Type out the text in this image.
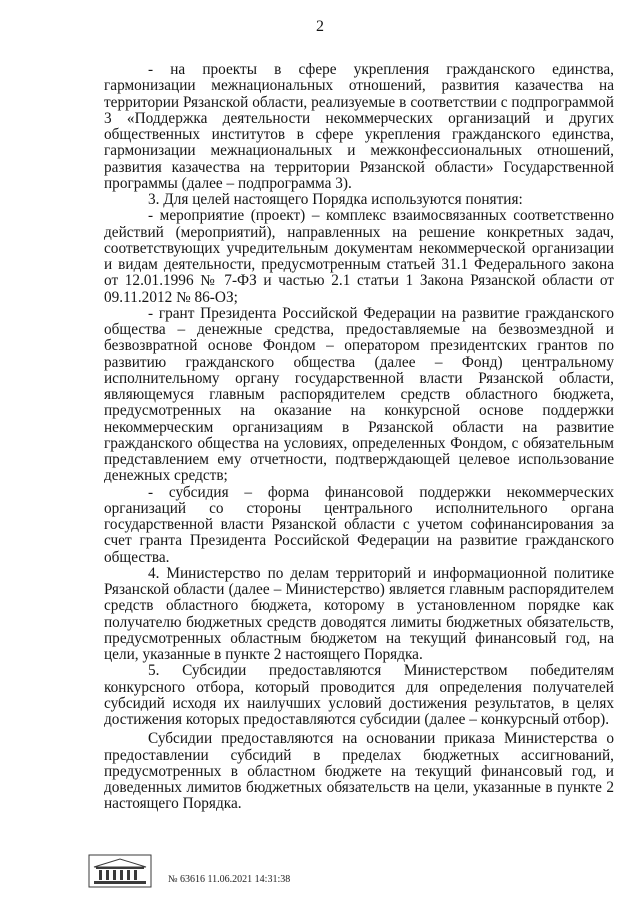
2

- на проекты в сфере укрепления гражданского единства, гармонизации межнациональных отношений, развития казачества на территории Рязанской области, реализуемые в соответствии с подпрограммой 3 «Поддержка деятельности некоммерческих организаций и других общественных институтов в сфере укрепления гражданского единства, гармонизации межнациональных и межконфессиональных отношений, развития казачества на территории Рязанской области» Государственной программы (далее – подпрограмма 3).

3. Для целей настоящего Порядка используются понятия:

- мероприятие (проект) – комплекс взаимосвязанных соответственно действий (мероприятий), направленных на решение конкретных задач, соответствующих учредительным документам некоммерческой организации и видам деятельности, предусмотренным статьей 31.1 Федерального закона от 12.01.1996 № 7-ФЗ и частью 2.1 статьи 1 Закона Рязанской области от 09.11.2012 № 86-ОЗ;

- грант Президента Российской Федерации на развитие гражданского общества – денежные средства, предоставляемые на безвозмездной и безвозвратной основе Фондом – оператором президентских грантов по развитию гражданского общества (далее – Фонд) центральному исполнительному органу государственной власти Рязанской области, являющемуся главным распорядителем средств областного бюджета, предусмотренных на оказание на конкурсной основе поддержки некоммерческим организациям в Рязанской области на развитие гражданского общества на условиях, определенных Фондом, с обязательным представлением ему отчетности, подтверждающей целевое использование денежных средств;

- субсидия – форма финансовой поддержки некоммерческих организаций со стороны центрального исполнительного органа государственной власти Рязанской области с учетом софинансирования за счет гранта Президента Российской Федерации на развитие гражданского общества.

4. Министерство по делам территорий и информационной политике Рязанской области (далее – Министерство) является главным распорядителем средств областного бюджета, которому в установленном порядке как получателю бюджетных средств доводятся лимиты бюджетных обязательств, предусмотренных областным бюджетом на текущий финансовый год, на цели, указанные в пункте 2 настоящего Порядка.

5. Субсидии предоставляются Министерством победителям конкурсного отбора, который проводится для определения получателей субсидий исходя их наилучших условий достижения результатов, в целях достижения которых предоставляются субсидии (далее – конкурсный отбор).

Субсидии предоставляются на основании приказа Министерства о предоставлении субсидий в пределах бюджетных ассигнований, предусмотренных в областном бюджете на текущий финансовый год, и доведенных лимитов бюджетных обязательств на цели, указанные в пункте 2 настоящего Порядка.

№ 63616 11.06.2021 14:31:38
